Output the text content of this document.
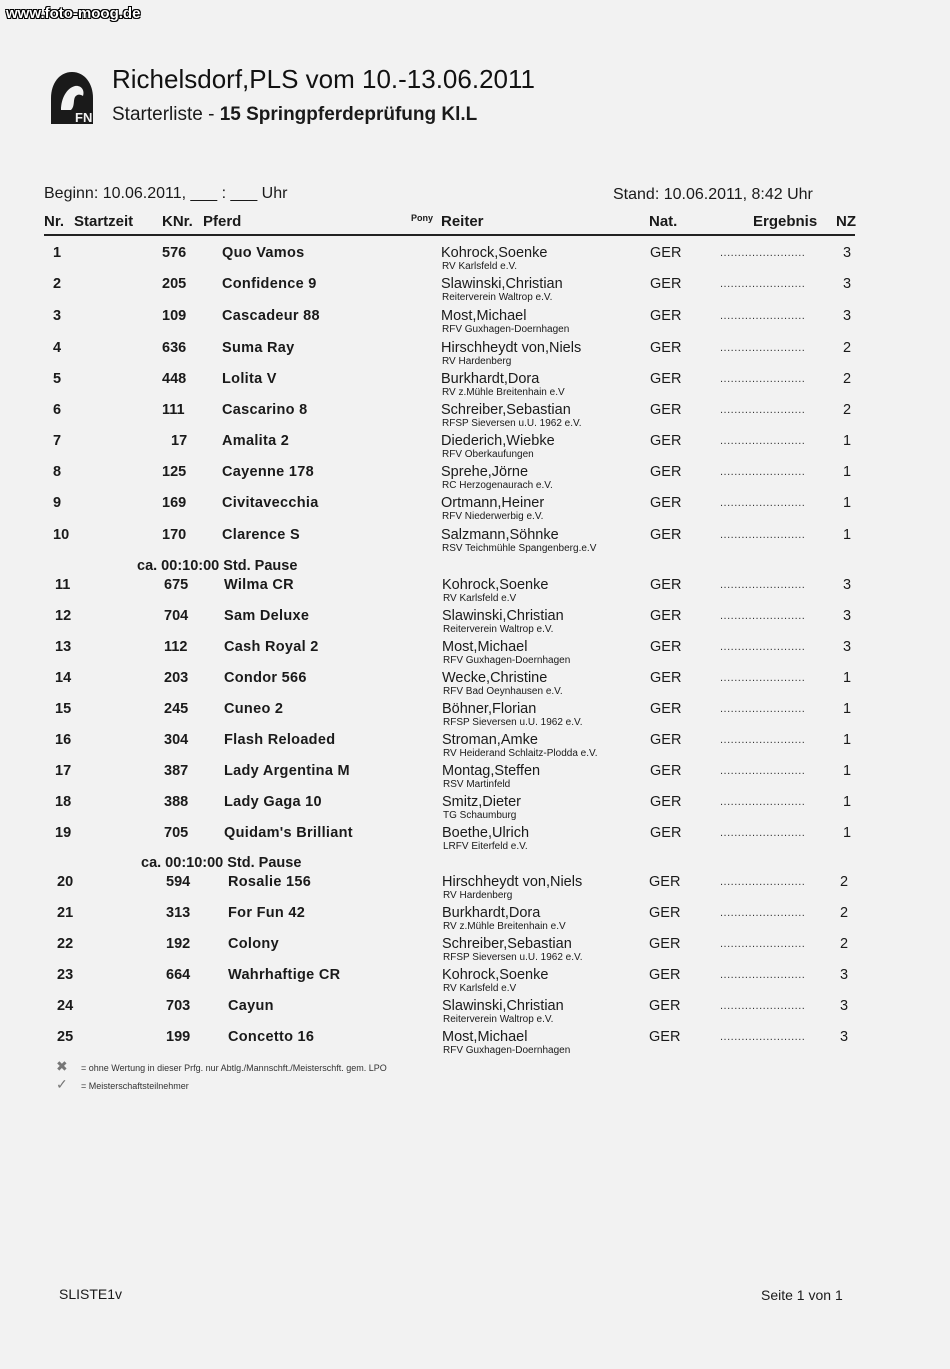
www.foto-moog.de
FN
Richelsdorf,PLS vom 10.-13.06.2011
Starterliste - 15 Springpferdeprüfung Kl.L
Beginn: 10.06.2011, ___ : ___ Uhr	Stand: 10.06.2011, 8:42 Uhr
Nr. Startzeit KNr. Pferd	Pony Reiter	Nat.	Ergebnis NZ
1	576 Quo Vamos	Kohrock,Soenke
RV Karlsfeld e.V.
GER	........................	3
2	205 Confidence 9	Slawinski,Christian
Reiterverein Waltrop e.V.
GER	........................	3
3	109 Cascadeur 88	Most,Michael
RFV Guxhagen-Doernhagen
GER	........................	3
4	636 Suma Ray	Hirschheydt von,Niels
RV Hardenberg
GER	........................	2
5	448 Lolita V	Burkhardt,Dora
RV z.Mühle Breitenhain e.V
GER	........................	2
6	111	Cascarino 8	Schreiber,Sebastian
RFSP Sieversen u.U. 1962 e.V.
GER	........................	2
7	17 Amalita 2	Diederich,Wiebke
RFV Oberkaufungen
GER	........................	1
8	125 Cayenne 178	Sprehe,Jörne
RC Herzogenaurach e.V.
GER	........................	1
9	169 Civitavecchia	Ortmann,Heiner
RFV Niederwerbig e.V.
GER	........................	1
10	170 Clarence S	Salzmann,Söhnke
RSV Teichmühle Spangenberg.e.V
GER	........................	1
11	675 Wilma CR	Kohrock,Soenke
RV Karlsfeld e.V
GER	........................	3
12	704 Sam Deluxe	Slawinski,Christian
Reiterverein Waltrop e.V.
GER	........................	3
13	112	Cash Royal 2	Most,Michael
RFV Guxhagen-Doernhagen
GER	........................	3
14	203 Condor 566	Wecke,Christine
RFV Bad Oeynhausen e.V.
GER	........................	1
15	245 Cuneo 2	Böhner,Florian
RFSP Sieversen u.U. 1962 e.V.
GER	........................	1
16	304 Flash Reloaded	Stroman,Amke
RV Heiderand Schlaitz-Plodda e.V.
GER	........................	1
17	387 Lady Argentina M	Montag,Steffen
RSV Martinfeld
GER	........................	1
18	388 Lady Gaga 10	Smitz,Dieter
TG Schaumburg
GER	........................	1
19	705 Quidam's Brilliant	Boethe,Ulrich
LRFV Eiterfeld e.V.
GER	........................	1
20	594	Rosalie 156	Hirschheydt von,Niels
RV Hardenberg
GER	........................ 2
21	313	For Fun 42	Burkhardt,Dora
RV z.Mühle Breitenhain e.V
GER	........................ 2
22	192	Colony	Schreiber,Sebastian
RFSP Sieversen u.U. 1962 e.V.
GER	........................ 2
23	664	Wahrhaftige CR	Kohrock,Soenke
RV Karlsfeld e.V
GER	........................ 3
24	703	Cayun	Slawinski,Christian
Reiterverein Waltrop e.V.
GER	........................ 3
25	199	Concetto 16	Most,Michael
RFV Guxhagen-Doernhagen
GER	........................ 3
ca. 00:10:00 Std. Pause
ca. 00:10:00 Std. Pause
✖ = ohne Wertung in dieser Prfg. nur Abtlg./Mannschft./Meisterschft. gem. LPO
✓ = Meisterschaftsteilnehmer
SLISTE1v	Seite 1 von 1
